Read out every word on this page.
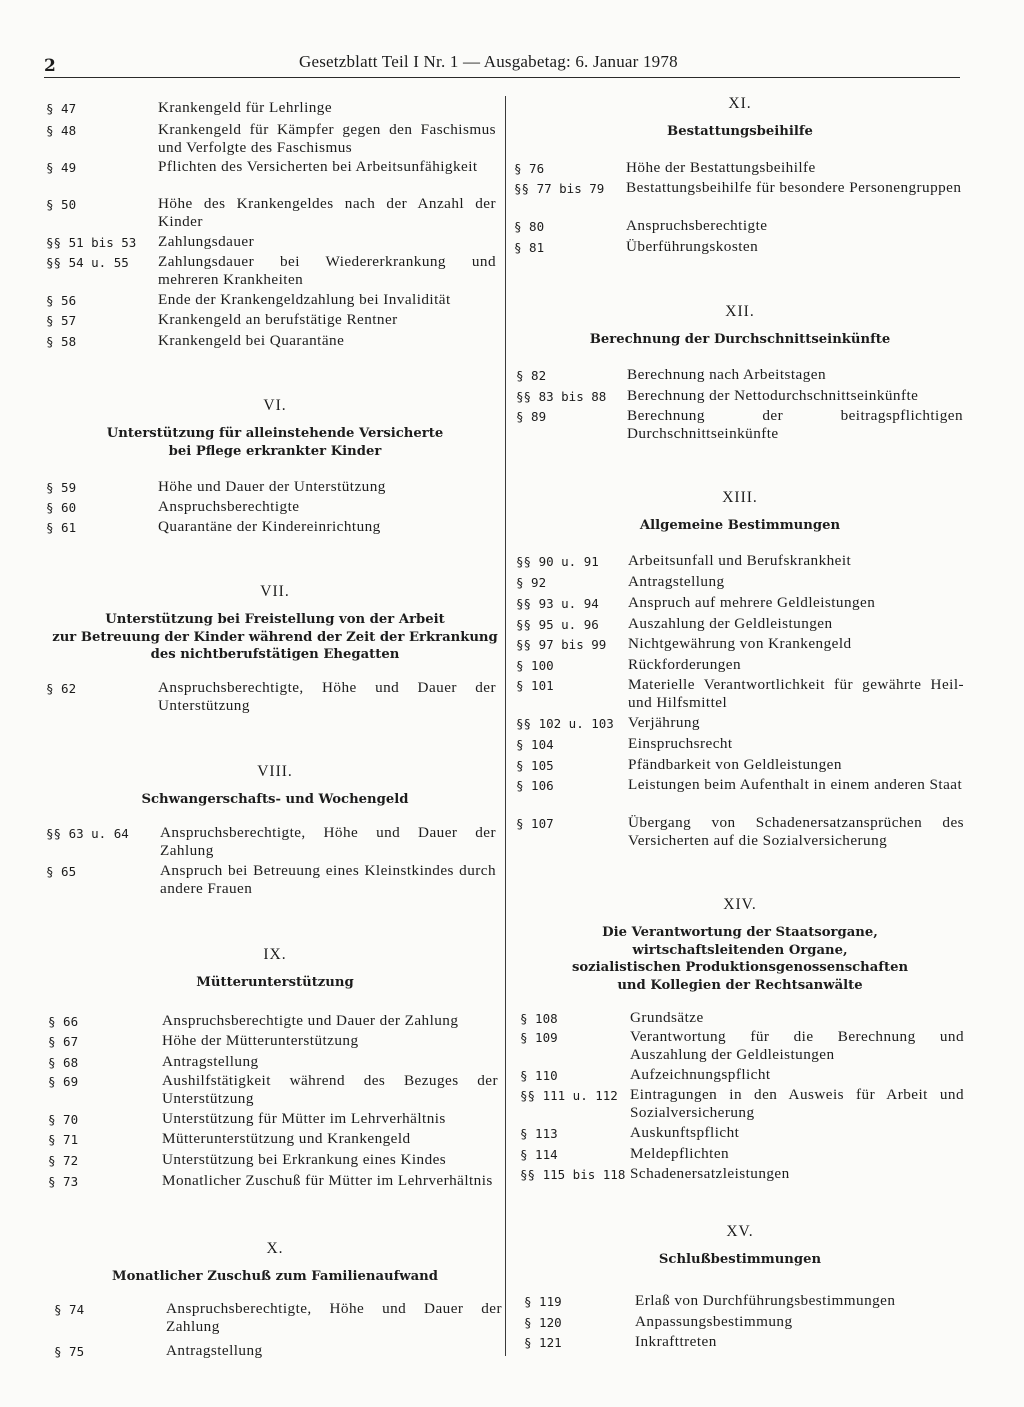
2	Gesetzblatt Teil I Nr. 1 — Ausgabetag: 6. Januar 1978
§ 47	Krankengeld für Lehrlinge
§ 48	Krankengeld für Kämpfer gegen den Faschismus und Verfolgte des Faschismus
§ 49	Pflichten des Versicherten bei Arbeitsunfähigkeit
§ 50	Höhe des Krankengeldes nach der Anzahl der Kinder
§§ 51 bis 53 Zahlungsdauer
§§ 54 u. 55 Zahlungsdauer bei Wiedererkrankung und mehreren Krankheiten
§ 56	Ende der Krankengeldzahlung bei Invalidität
§ 57	Krankengeld an berufstätige Rentner
§ 58	Krankengeld bei Quarantäne
VI.
Unterstützung für alleinstehende Versicherte
bei Pflege erkrankter Kinder
§ 59	Höhe und Dauer der Unterstützung
§ 60	Anspruchsberechtigte
§ 61	Quarantäne der Kindereinrichtung
VII.
Unterstützung bei Freistellung von der Arbeit
zur Betreuung der Kinder während der Zeit der Erkrankung
des nichtberufstätigen Ehegatten
§ 62	Anspruchsberechtigte, Höhe und Dauer der Unterstützung
VIII.
Schwangerschafts- und Wochengeld
§§ 63 u. 64 Anspruchsberechtigte, Höhe und Dauer der Zahlung
§ 65	Anspruch bei Betreuung eines Kleinstkindes durch andere Frauen
IX.
Mütterunterstützung
§ 66	Anspruchsberechtigte und Dauer der Zahlung
§ 67	Höhe der Mütterunterstützung
§ 68	Antragstellung
§ 69	Aushilfstätigkeit während des Bezuges der Unterstützung
§ 70	Unterstützung für Mütter im Lehrverhältnis
§ 71	Mütterunterstützung und Krankengeld
§ 72	Unterstützung bei Erkrankung eines Kindes
§ 73	Monatlicher Zuschuß für Mütter im Lehrverhältnis
X.
Monatlicher Zuschuß zum Familienaufwand
§ 74	Anspruchsberechtigte, Höhe und Dauer der Zahlung
§ 75	Antragstellung
XI.
Bestattungsbeihilfe
§ 76	Höhe der Bestattungsbeihilfe
§§ 77 bis 79 Bestattungsbeihilfe für besondere Personengruppen
§ 80	Anspruchsberechtigte
§ 81	Überführungskosten
XII.
Berechnung der Durchschnittseinkünfte
§ 82	Berechnung nach Arbeitstagen
§§ 83 bis 88 Berechnung der Nettodurchschnittseinkünfte
§ 89	Berechnung der beitragspflichtigen Durchschnittseinkünfte
XIII.
Allgemeine Bestimmungen
§§ 90 u. 91 Arbeitsunfall und Berufskrankheit
§ 92	Antragstellung
§§ 93 u. 94 Anspruch auf mehrere Geldleistungen
§§ 95 u. 96 Auszahlung der Geldleistungen
§§ 97 bis 99 Nichtgewährung von Krankengeld
§ 100	Rückforderungen
§ 101	Materielle Verantwortlichkeit für gewährte Heil- und Hilfsmittel
§§ 102 u. 103 Verjährung
§ 104	Einspruchsrecht
§ 105	Pfändbarkeit von Geldleistungen
§ 106	Leistungen beim Aufenthalt in einem anderen Staat
§ 107	Übergang von Schadenersatzansprüchen des Versicherten auf die Sozialversicherung
XIV.
Die Verantwortung der Staatsorgane,
wirtschaftsleitenden Organe,
sozialistischen Produktionsgenossenschaften
und Kollegien der Rechtsanwälte
§ 108	Grundsätze
§ 109	Verantwortung für die Berechnung und Auszahlung der Geldleistungen
§ 110	Aufzeichnungspflicht
§§ 111 u. 112 Eintragungen in den Ausweis für Arbeit und Sozialversicherung
§ 113	Auskunftspflicht
§ 114	Meldepflichten
§§ 115 bis 118 Schadenersatzleistungen
XV.
Schlußbestimmungen
§ 119	Erlaß von Durchführungsbestimmungen
§ 120	Anpassungsbestimmung
§ 121	Inkrafttreten
